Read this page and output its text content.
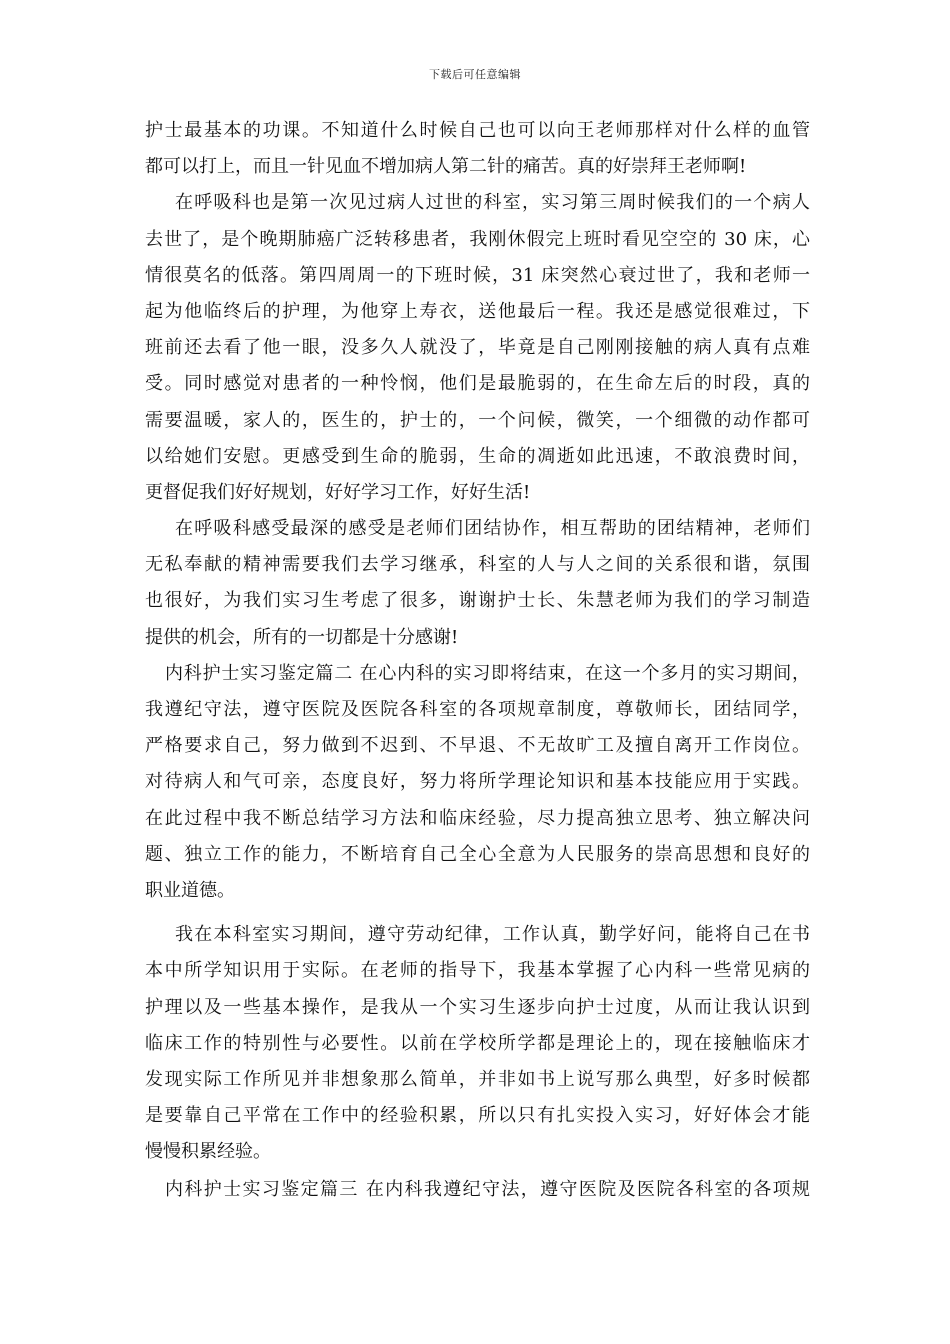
下载后可任意编辑
护士最基本的功课。不知道什么时候自己也可以向王老师那样对什么样的血管
都可以打上，而且一针见血不增加病人第二针的痛苦。真的好崇拜王老师啊!
在呼吸科也是第一次见过病人过世的科室，实习第三周时候我们的一个病人
去世了，是个晚期肺癌广泛转移患者，我刚休假完上班时看见空空的 30 床，心
情很莫名的低落。第四周周一的下班时候，31 床突然心衰过世了，我和老师一
起为他临终后的护理，为他穿上寿衣，送他最后一程。我还是感觉很难过，下
班前还去看了他一眼，没多久人就没了，毕竟是自己刚刚接触的病人真有点难
受。同时感觉对患者的一种怜悯，他们是最脆弱的，在生命左后的时段，真的
需要温暖，家人的，医生的，护士的，一个问候，微笑，一个细微的动作都可
以给她们安慰。更感受到生命的脆弱，生命的凋逝如此迅速，不敢浪费时间，
更督促我们好好规划，好好学习工作，好好生活!
在呼吸科感受最深的感受是老师们团结协作，相互帮助的团结精神，老师们
无私奉献的精神需要我们去学习继承，科室的人与人之间的关系很和谐，氛围
也很好，为我们实习生考虑了很多，谢谢护士长、朱慧老师为我们的学习制造
提供的机会，所有的一切都是十分感谢!
内科护士实习鉴定篇二 在心内科的实习即将结束，在这一个多月的实习期间，
我遵纪守法，遵守医院及医院各科室的各项规章制度，尊敬师长，团结同学，
严格要求自己，努力做到不迟到、不早退、不无故旷工及擅自离开工作岗位。
对待病人和气可亲，态度良好，努力将所学理论知识和基本技能应用于实践。
在此过程中我不断总结学习方法和临床经验，尽力提高独立思考、独立解决问
题、独立工作的能力，不断培育自己全心全意为人民服务的崇高思想和良好的
职业道德。
我在本科室实习期间，遵守劳动纪律，工作认真，勤学好问，能将自己在书
本中所学知识用于实际。在老师的指导下，我基本掌握了心内科一些常见病的
护理以及一些基本操作，是我从一个实习生逐步向护士过度，从而让我认识到
临床工作的特别性与必要性。以前在学校所学都是理论上的，现在接触临床才
发现实际工作所见并非想象那么简单，并非如书上说写那么典型，好多时候都
是要靠自己平常在工作中的经验积累，所以只有扎实投入实习，好好体会才能
慢慢积累经验。
内科护士实习鉴定篇三 在内科我遵纪守法，遵守医院及医院各科室的各项规
